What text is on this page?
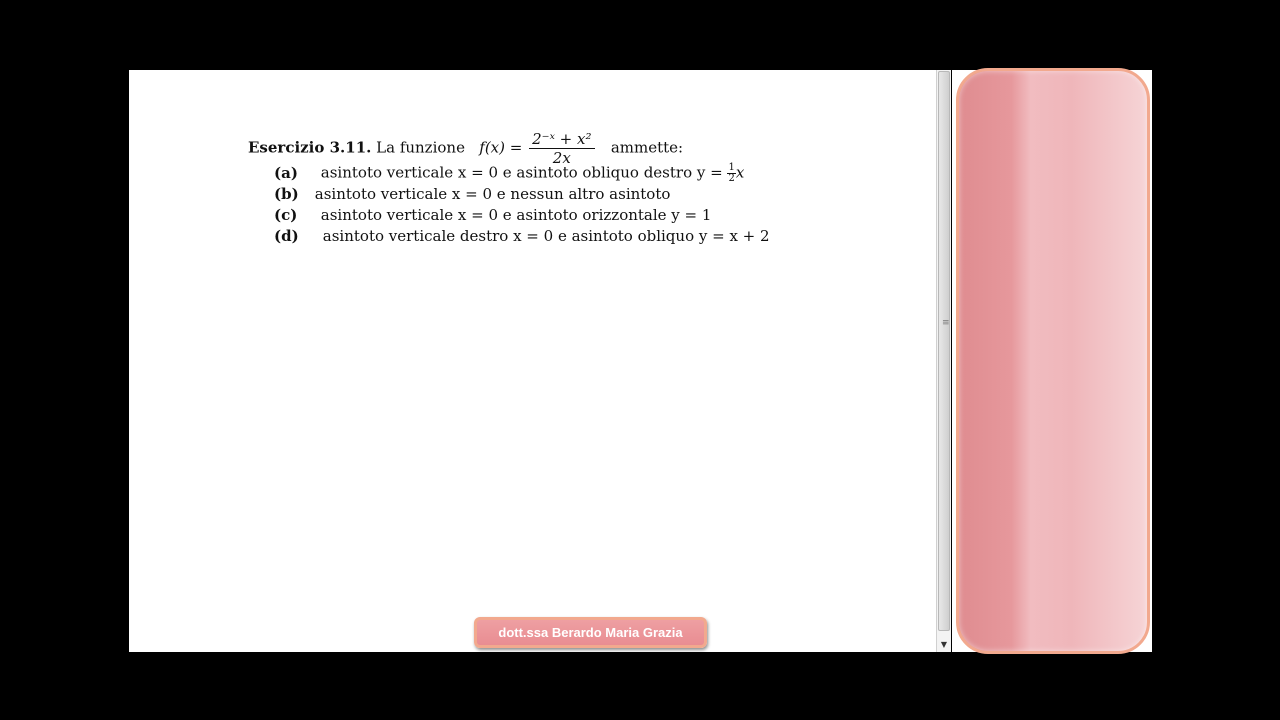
Esercizio 3.11. La funzione $f(x) = \frac{\text{2⁻ˣ + x²}}{2x}$ ammette:
(a) asintoto verticale x = 0 e asintoto obliquo destro $y = \frac{1}{2}$ x
(b) asintoto verticale x = 0 e nessun altro asintoto
(c) asintoto verticale x = 0 e asintoto orizzontale y = 1
(d) asintoto verticale destro x = 0 e asintoto obliquo y = x + 2
≡
▼
dott.ssa Berardo Maria Grazia
